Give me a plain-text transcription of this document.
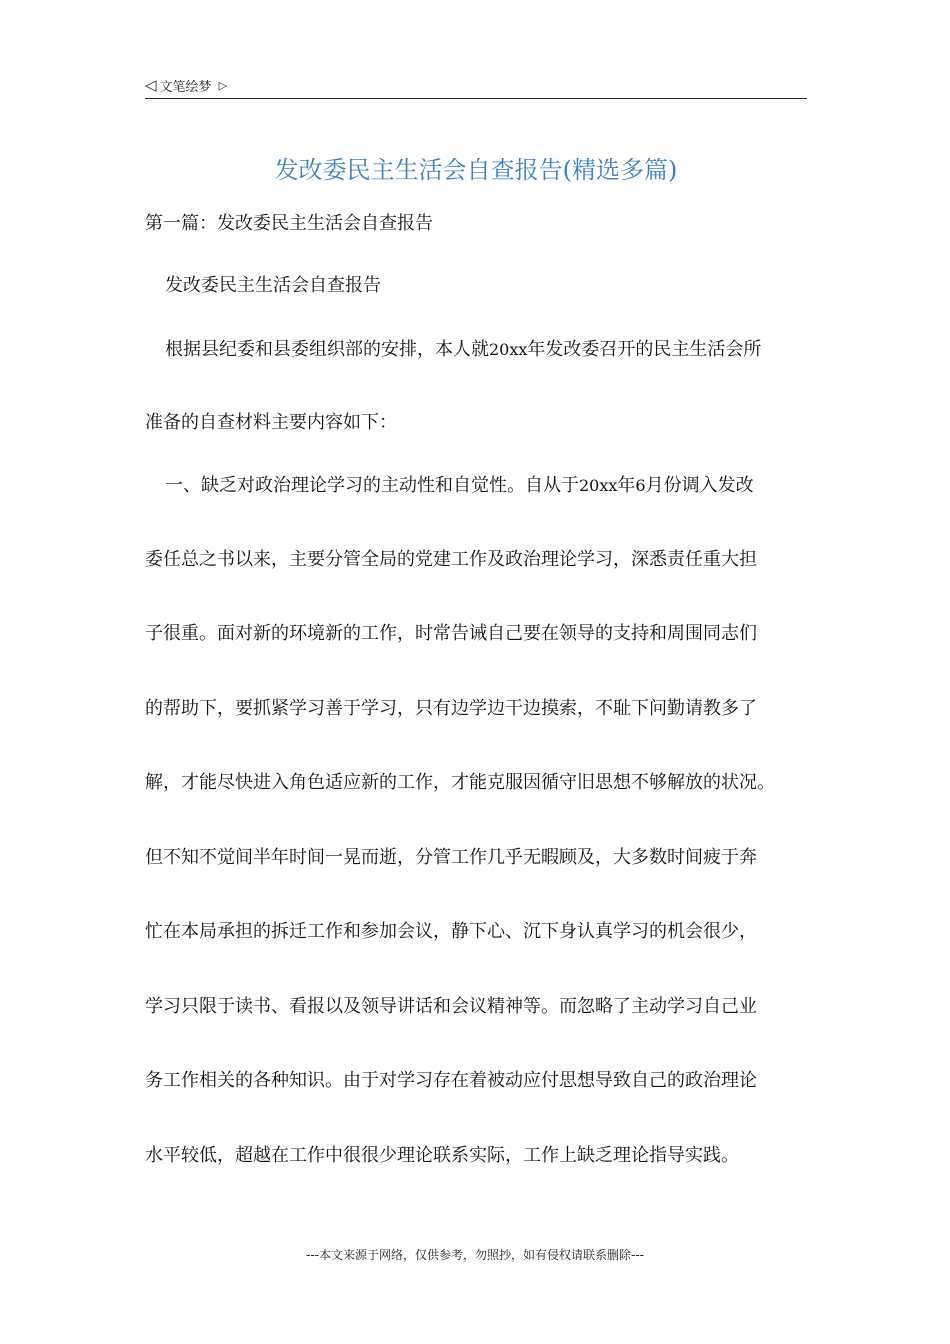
◁ 文笔绘梦 ▷
发改委民主生活会自查报告(精选多篇)
第一篇：发改委民主生活会自查报告
发改委民主生活会自查报告
根据县纪委和县委组织部的安排，本人就20xx年发改委召开的民主生活会所
准备的自查材料主要内容如下：
一、缺乏对政治理论学习的主动性和自觉性。自从于20xx年6月份调入发改
委任总之书以来，主要分管全局的党建工作及政治理论学习，深悉责任重大担
子很重。面对新的环境新的工作，时常告诫自己要在领导的支持和周围同志们
的帮助下，要抓紧学习善于学习，只有边学边干边摸索，不耻下问勤请教多了
解，才能尽快进入角色适应新的工作，才能克服因循守旧思想不够解放的状况。
但不知不觉间半年时间一晃而逝，分管工作几乎无暇顾及，大多数时间疲于奔
忙在本局承担的拆迁工作和参加会议，静下心、沉下身认真学习的机会很少，
学习只限于读书、看报以及领导讲话和会议精神等。而忽略了主动学习自己业
务工作相关的各种知识。由于对学习存在着被动应付思想导致自己的政治理论
水平较低，超越在工作中很很少理论联系实际，工作上缺乏理论指导实践。
---本文来源于网络，仅供参考，勿照抄，如有侵权请联系删除---
